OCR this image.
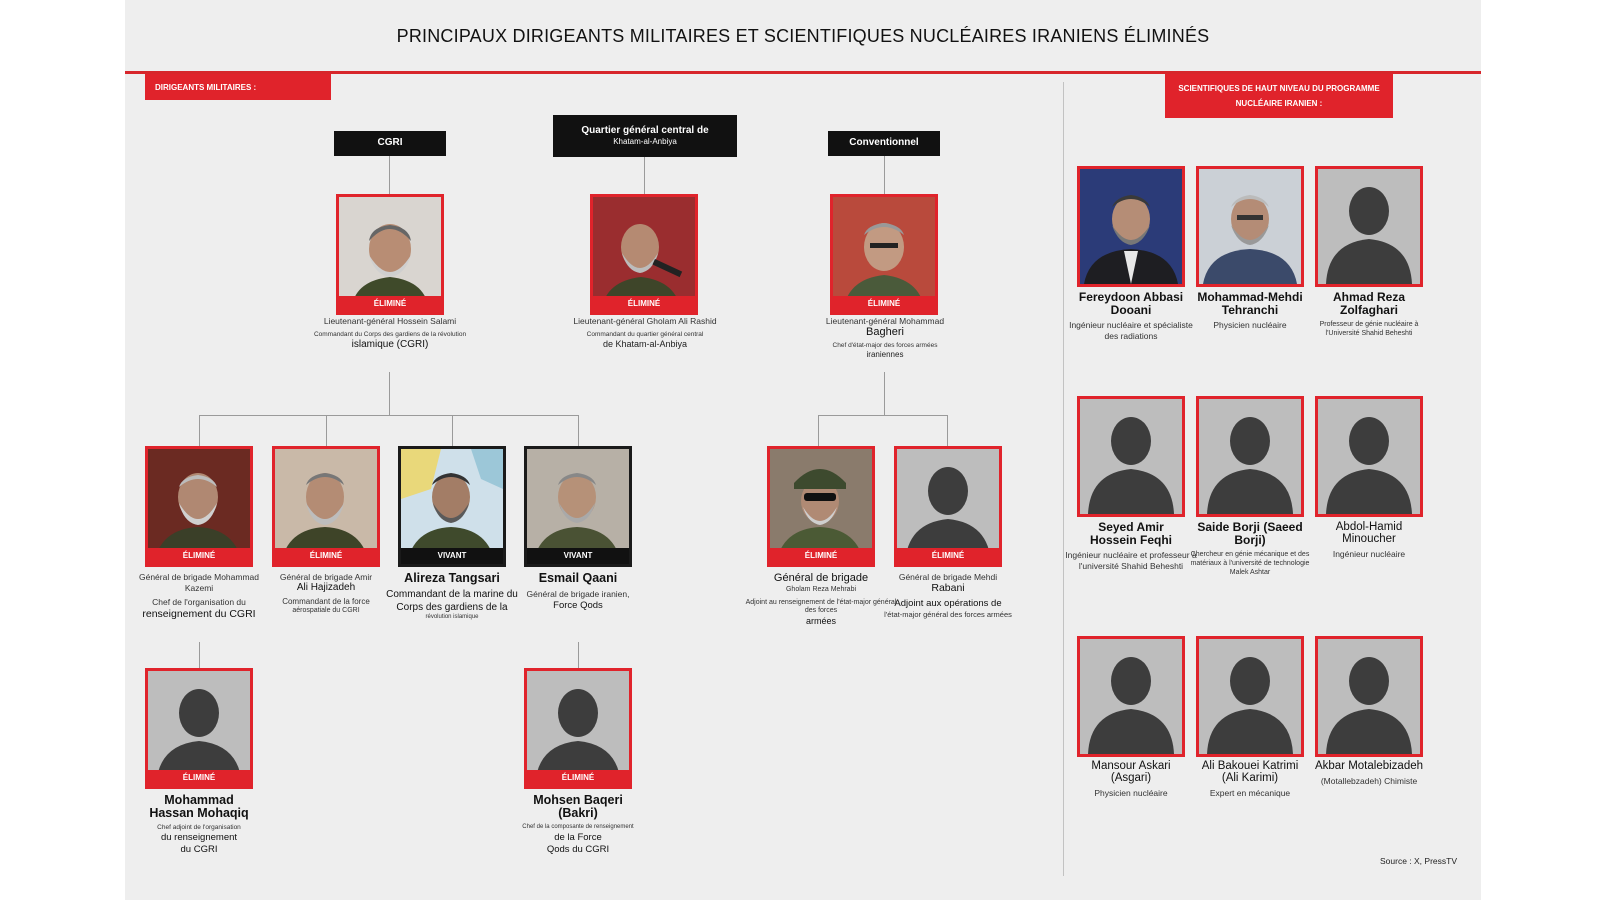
PRINCIPAUX DIRIGEANTS MILITAIRES ET SCIENTIFIQUES NUCLÉAIRES IRANIENS ÉLIMINÉS
DIRIGEANTS MILITAIRES :	SCIENTIFIQUES DE HAUT NIVEAU DU PROGRAMME NUCLÉAIRE IRANIEN :
CGRI
Quartier général central de
Khatam-al-Anbiya	Conventionnel
ÉLIMINÉ	ÉLIMINÉ	ÉLIMINÉ
Lieutenant-général Hossein Salami
Commandant du Corps des gardiens de la révolution
islamique (CGRI)
Lieutenant-général Gholam Ali Rashid
Commandant du quartier général central
de Khatam-al-Anbiya
Lieutenant-général Mohammad
Bagheri
Chef d'état-major des forces armées
iraniennes
ÉLIMINÉ	ÉLIMINÉ	VIVANT	VIVANT	ÉLIMINÉ	ÉLIMINÉ
Général de brigade Mohammad Kazemi
Chef de l'organisation du
renseignement du CGRI
Général de brigade Amir
Ali Hajizadeh
Commandant de la force
aérospatiale du CGRI
Alireza Tangsari
Commandant de la marine du Corps des gardiens de la
révolution islamique
Esmail Qaani
Général de brigade iranien,
Force Qods
Général de brigade
Gholam Reza Mehrabi
Adjoint au renseignement de l'état-major général des forces
armées
Général de brigade Mehdi
Rabani
Adjoint aux opérations de
l'état-major général des forces armées
ÉLIMINÉ	ÉLIMINÉ
Mohammad Hassan Mohaqiq
Chef adjoint de l'organisation
du renseignement du CGRI
Mohsen Baqeri (Bakri)
Chef de la composante de renseignement
de la Force Qods du CGRI
Fereydoon Abbasi Dooani
Ingénieur nucléaire et spécialiste des radiations
Mohammad-Mehdi Tehranchi
Physicien nucléaire
Ahmad Reza Zolfaghari
Professeur de génie nucléaire à l'Université Shahid Beheshti
Seyed Amir Hossein Feqhi
Ingénieur nucléaire et professeur à l'université Shahid Beheshti
Saide Borji (Saeed Borji)
Chercheur en génie mécanique et des matériaux à l'université de technologie Malek Ashtar
Abdol-Hamid Minoucher
Ingénieur nucléaire
Mansour Askari (Asgari)
Physicien nucléaire
Ali Bakouei Katrimi (Ali Karimi)
Expert en mécanique
Akbar Motalebizadeh
(Motallebzadeh) Chimiste
Source : X, PressTV
